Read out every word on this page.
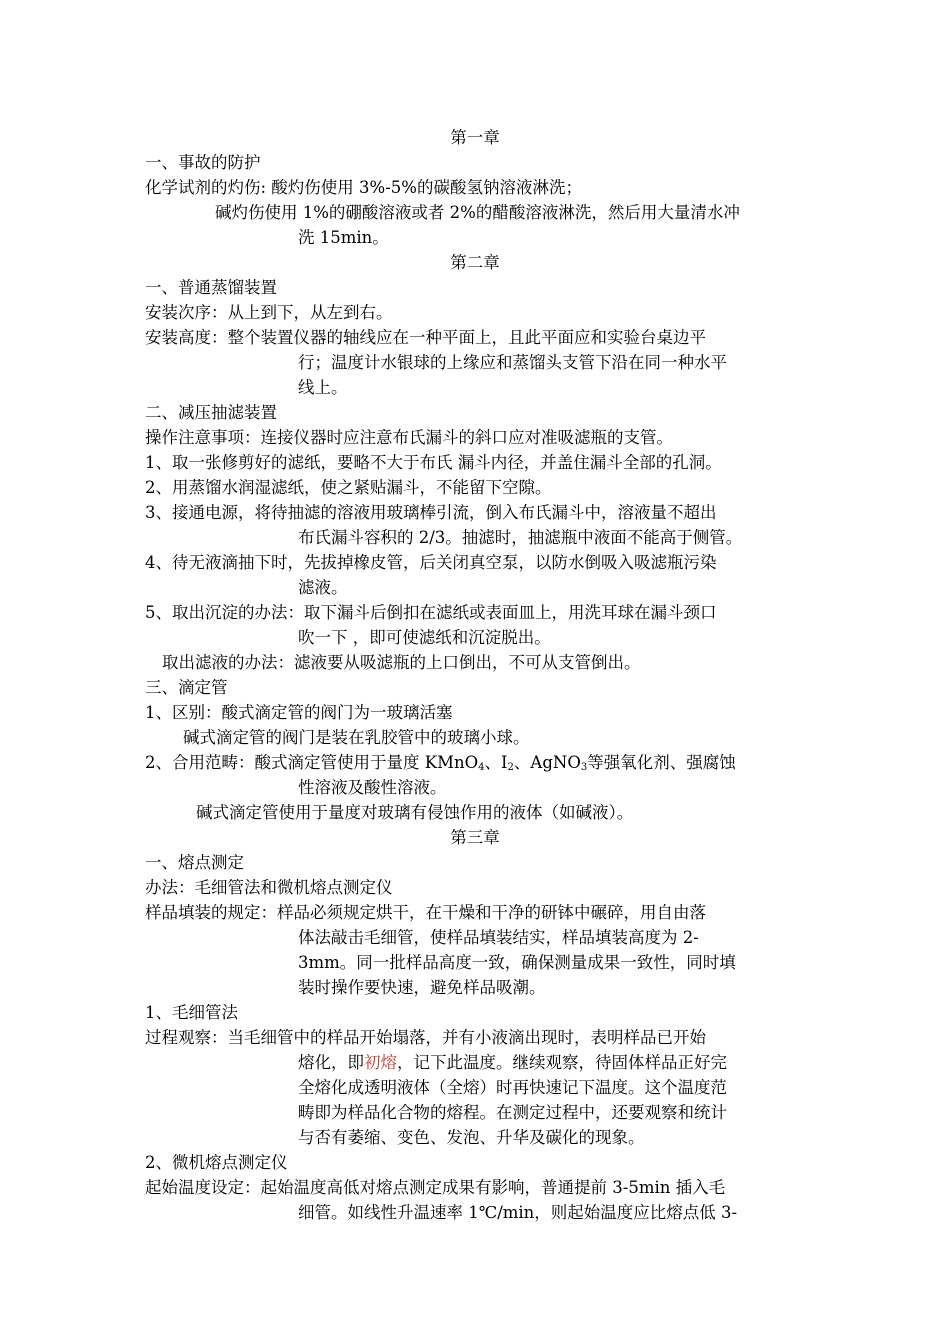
第一章
一、事故的防护
化学试剂的灼伤: 酸灼伤使用 3%-5%的碳酸氢钠溶液淋洗；
碱灼伤使用 1%的硼酸溶液或者 2%的醋酸溶液淋洗，然后用大量清水冲
洗 15min。
第二章
一、普通蒸馏装置
安装次序：从上到下，从左到右。
安装高度：整个装置仪器的轴线应在一种平面上，且此平面应和实验台桌边平
行；温度计水银球的上缘应和蒸馏头支管下沿在同一种水平
线上。
二、减压抽滤装置
操作注意事项：连接仪器时应注意布氏漏斗的斜口应对准吸滤瓶的支管。
1、取一张修剪好的滤纸，要略不大于布氏 漏斗内径，并盖住漏斗全部的孔洞。
2、用蒸馏水润湿滤纸，使之紧贴漏斗，不能留下空隙。
3、接通电源，将待抽滤的溶液用玻璃棒引流，倒入布氏漏斗中，溶液量不超出
布氏漏斗容积的 2/3。抽滤时，抽滤瓶中液面不能高于侧管。
4、待无液滴抽下时，先拔掉橡皮管，后关闭真空泵，以防水倒吸入吸滤瓶污染
滤液。
5、取出沉淀的办法：取下漏斗后倒扣在滤纸或表面皿上，用洗耳球在漏斗颈口
吹一下 ，即可使滤纸和沉淀脱出。
取出滤液的办法：滤液要从吸滤瓶的上口倒出，不可从支管倒出。
三、滴定管
1、区别：酸式滴定管的阀门为一玻璃活塞
碱式滴定管的阀门是装在乳胶管中的玻璃小球。
2、合用范畴：酸式滴定管使用于量度 KMnO$_4$、$I_2$、AgNO$_3$等强氧化剂、强腐蚀
性溶液及酸性溶液。
碱式滴定管使用于量度对玻璃有侵蚀作用的液体（如碱液）。
第三章
一、熔点测定
办法：毛细管法和微机熔点测定仪
样品填装的规定：样品必须规定烘干，在干燥和干净的研钵中碾碎，用自由落
体法敲击毛细管，使样品填装结实，样品填装高度为 2-
3mm。同一批样品高度一致，确保测量成果一致性，同时填
装时操作要快速，避免样品吸潮。
1、毛细管法
过程观察：当毛细管中的样品开始塌落，并有小液滴出现时，表明样品已开始
熔化，即初熔，记下此温度。继续观察，待固体样品正好完
全熔化成透明液体（全熔）时再快速记下温度。这个温度范
畴即为样品化合物的熔程。在测定过程中，还要观察和统计
与否有萎缩、变色、发泡、升华及碳化的现象。
2、微机熔点测定仪
起始温度设定：起始温度高低对熔点测定成果有影响，普通提前 3-5min 插入毛
细管。如线性升温速率 1℃/min，则起始温度应比熔点低 3-
